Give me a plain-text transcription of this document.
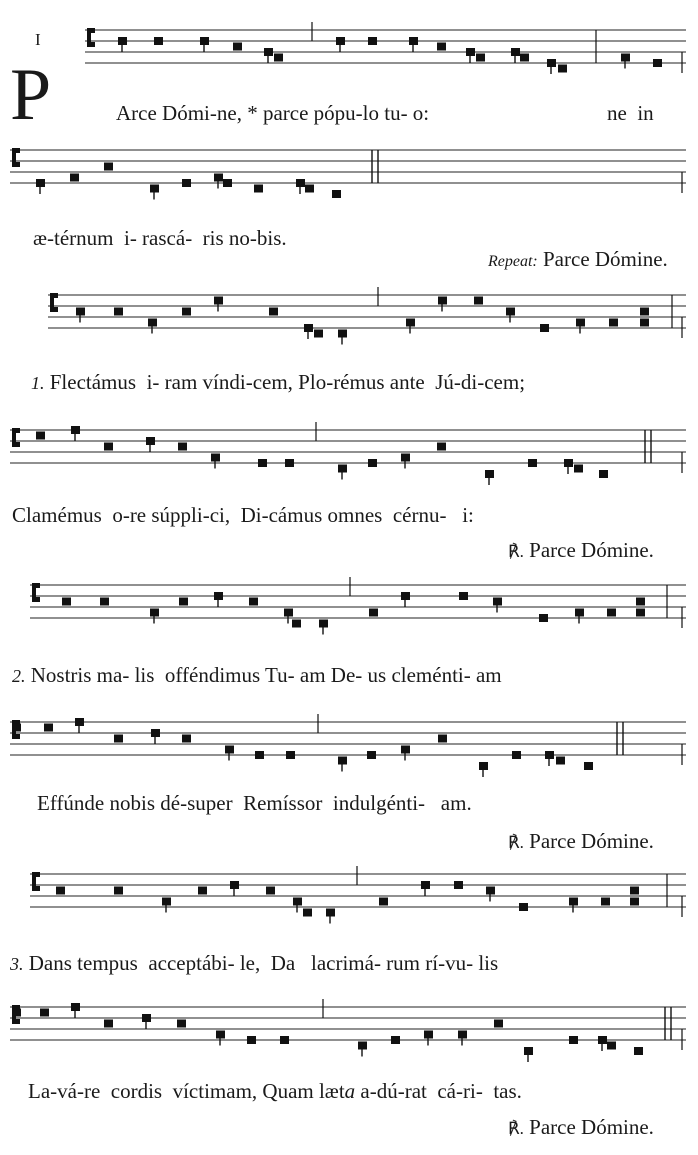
I
P	Arce Dómi-ne, * parce pópu-lo tu- o:	ne  in
æ-térnum  i- rascá-  ris no-bis.

Repeat: Parce Dómine.

1. Flectámus  i- ram víndi-cem, Plo-rémus ante  Jú-di-cem;
Clamémus  o-re súppli-ci,  Di-cámus omnes  cérnu-   i:
℟. Parce Dómine.
2. Nostris ma- lis  offéndimus Tu- am De- us cleménti- am
Effúnde nobis dé-super  Remíssor  indulgénti-   am.
℟. Parce Dómine.
3. Dans tempus  acceptábi- le,  Da   lacrimá- rum rí-vu- lis
La-vá-re  cordis  víctimam, Quam læta a-dú-rat  cá-ri-  tas.
℟. Parce Dómine.
